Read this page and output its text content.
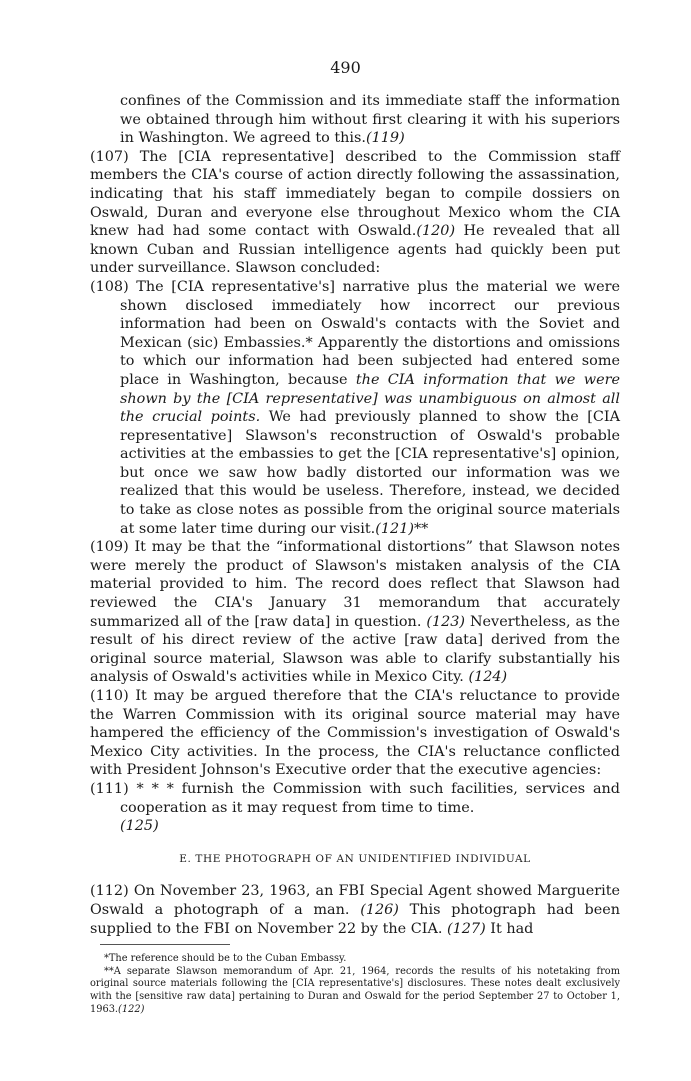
490

confines of the Commission and its immediate staff the information we obtained through him without first clearing it with his superiors in Washington. We agreed to this.(119)

(107) The [CIA representative] described to the Commission staff members the CIA's course of action directly following the assassination, indicating that his staff immediately began to compile dossiers on Oswald, Duran and everyone else throughout Mexico whom the CIA knew had had some contact with Oswald.(120) He revealed that all known Cuban and Russian intelligence agents had quickly been put under surveillance. Slawson concluded:

(108) The [CIA representative's] narrative plus the material we were shown disclosed immediately how incorrect our previous information had been on Oswald's contacts with the Soviet and Mexican (sic) Embassies.* Apparently the distortions and omissions to which our information had been subjected had entered some place in Washington, because the CIA information that we were shown by the [CIA representative] was unambiguous on almost all the crucial points. We had previously planned to show the [CIA representative] Slawson's reconstruction of Oswald's probable activities at the embassies to get the [CIA representative's] opinion, but once we saw how badly distorted our information was we realized that this would be useless. Therefore, instead, we decided to take as close notes as possible from the original source materials at some later time during our visit.(121)**

(109) It may be that the “informational distortions” that Slawson notes were merely the product of Slawson's mistaken analysis of the CIA material provided to him. The record does reflect that Slawson had reviewed the CIA's January 31 memorandum that accurately summarized all of the [raw data] in question. (123) Nevertheless, as the result of his direct review of the active [raw data] derived from the original source material, Slawson was able to clarify substantially his analysis of Oswald's activities while in Mexico City. (124)

(110) It may be argued therefore that the CIA's reluctance to provide the Warren Commission with its original source material may have hampered the efficiency of the Commission's investigation of Oswald's Mexico City activities. In the process, the CIA's reluctance conflicted with President Johnson's Executive order that the executive agencies:

(111) * * * furnish the Commission with such facilities, services and cooperation as it may request from time to time.
(125)

E. THE PHOTOGRAPH OF AN UNIDENTIFIED INDIVIDUAL

(112) On November 23, 1963, an FBI Special Agent showed Marguerite Oswald a photograph of a man. (126) This photograph had been supplied to the FBI on November 22 by the CIA. (127) It had

*The reference should be to the Cuban Embassy.

**A separate Slawson memorandum of Apr. 21, 1964, records the results of his notetaking from original source materials following the [CIA representative's] disclosures. These notes dealt exclusively with the [sensitive raw data] pertaining to Duran and Oswald for the period September 27 to October 1, 1963.(122)
